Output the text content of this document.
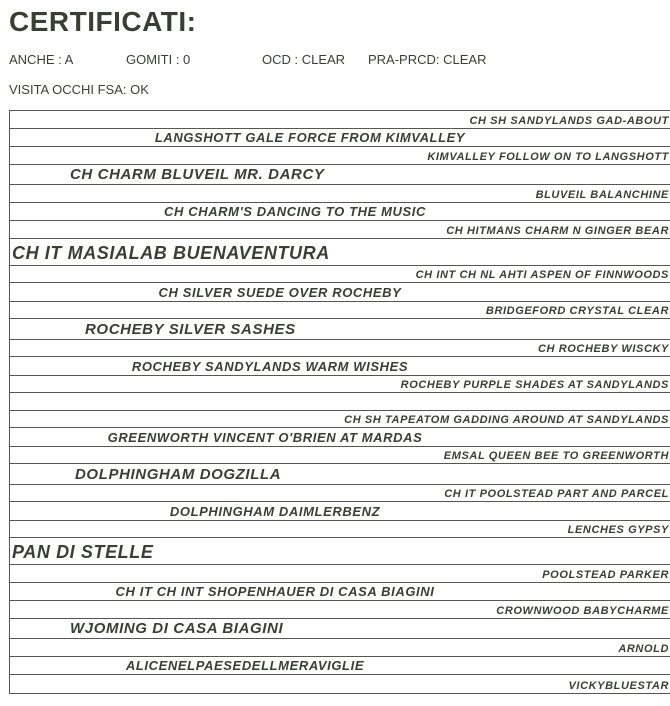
CERTIFICATI:
ANCHE : A	GOMITI : 0	OCD : CLEAR PRA-PRCD: CLEAR
VISITA OCCHI FSA: OK
CH SH SANDYLANDS GAD-ABOUT
LANGSHOTT GALE FORCE FROM KIMVALLEY
KIMVALLEY FOLLOW ON TO LANGSHOTT
CH CHARM BLUVEIL MR. DARCY
BLUVEIL BALANCHINE
CH CHARM'S DANCING TO THE MUSIC
CH HITMANS CHARM N GINGER BEAR
CH IT MASIALAB BUENAVENTURA
CH INT CH NL AHTI ASPEN OF FINNWOODS
CH SILVER SUEDE OVER ROCHEBY
BRIDGEFORD CRYSTAL CLEAR
ROCHEBY SILVER SASHES
CH ROCHEBY WISCKY
ROCHEBY SANDYLANDS WARM WISHES
ROCHEBY PURPLE SHADES AT SANDYLANDS
CH SH TAPEATOM GADDING AROUND AT SANDYLANDS
GREENWORTH VINCENT O'BRIEN AT MARDAS
EMSAL QUEEN BEE TO GREENWORTH
DOLPHINGHAM DOGZILLA
CH IT POOLSTEAD PART AND PARCEL
DOLPHINGHAM DAIMLERBENZ
LENCHES GYPSY
PAN DI STELLE
POOLSTEAD PARKER
CH IT CH INT SHOPENHAUER DI CASA BIAGINI
CROWNWOOD BABYCHARME
WJOMING DI CASA BIAGINI
ARNOLD
ALICENELPAESEDELLMERAVIGLIE
VICKYBLUESTAR
